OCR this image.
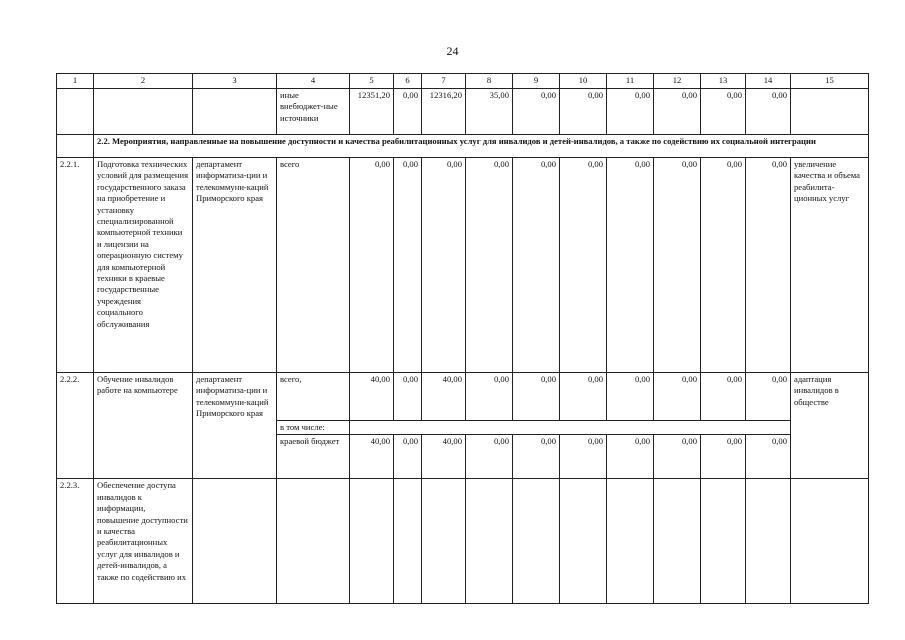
24
1	2	3	4	5	6	7	8	9	10	11	12	13	14	15
			иные внебюджет-ные источники	12351,20	0,00	12316,20	35,00	0,00	0,00	0,00	0,00	0,00	0,00	
	2.2. Мероприятия, направленные на повышение доступности и качества реабилитационных услуг для инвалидов и детей-инвалидов, а также по содействию их социальной интеграции													
2.2.1.	Подготовка технических условий для размещения государственного заказа на приобретение и установку специализированной компьютерной техники и лицензии на операционную систему для компьютерной техники в краевые государственные учреждения социального обслуживания	департамент информатиза-ции и телекоммуни-каций Приморского края	всего	0,00	0,00	0,00	0,00	0,00	0,00	0,00	0,00	0,00	0,00	увеличение качества и объема реабилита-ционных услуг
2.2.2.	Обучение инвалидов работе на компьютере	департамент информатиза-ции и телекоммуни-каций Приморского края	всего,	40,00	0,00	40,00	0,00	0,00	0,00	0,00	0,00	0,00	0,00	адаптация инвалидов в обществе
			в том числе:											
			краевой бюджет	40,00	0,00	40,00	0,00	0,00	0,00	0,00	0,00	0,00	0,00	
2.2.3.	Обеспечение доступа инвалидов к информации, повышение доступности и качества реабилитационных услуг для инвалидов и детей-инвалидов, а также по содействию их													
